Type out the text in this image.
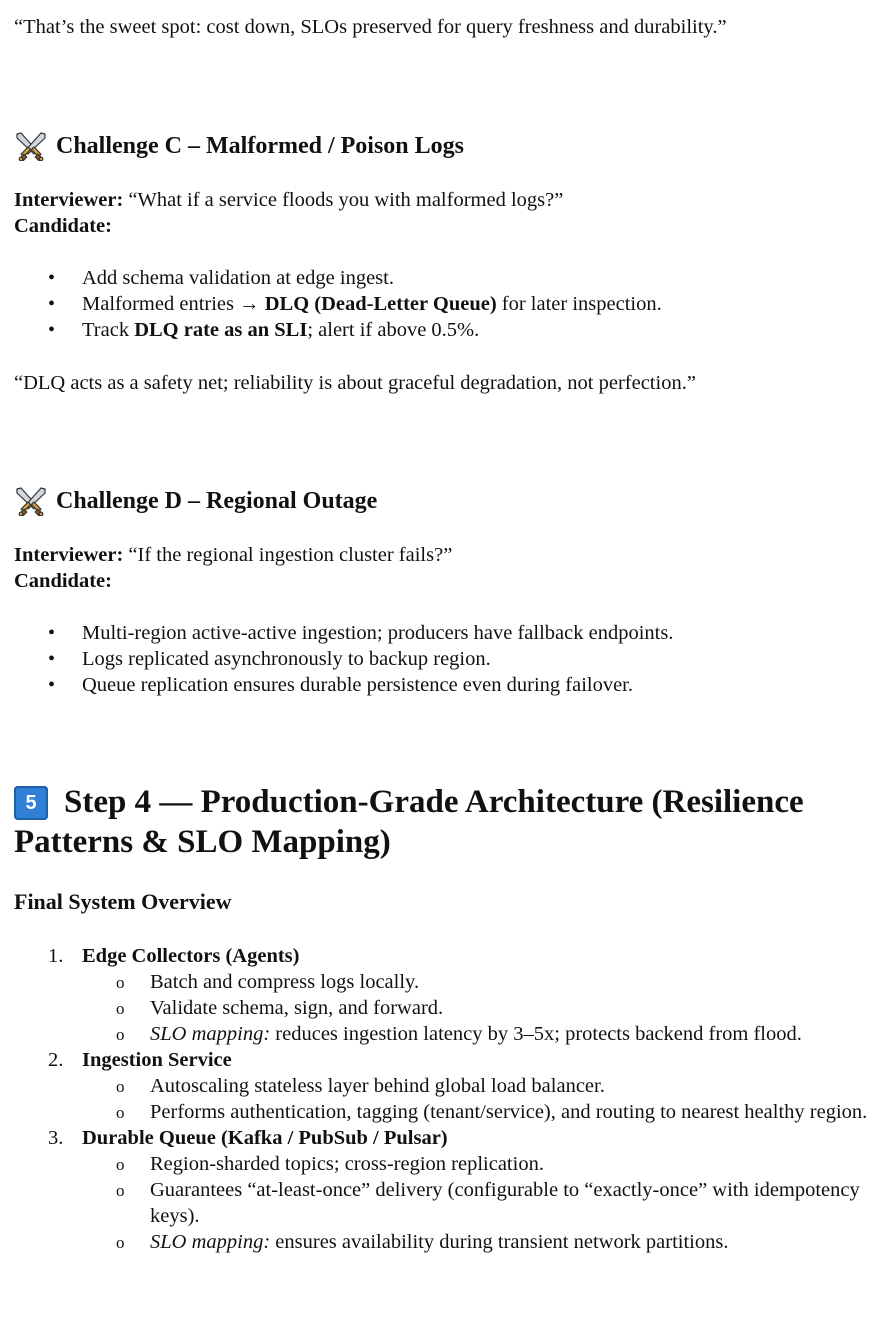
“That’s the sweet spot: cost down, SLOs preserved for query freshness and durability.”
Challenge C – Malformed / Poison Logs
Interviewer: “What if a service floods you with malformed logs?”
Candidate:
• Add schema validation at edge ingest.
• Malformed entries → DLQ (Dead-Letter Queue) for later inspection.
• Track DLQ rate as an SLI; alert if above 0.5%.
“DLQ acts as a safety net; reliability is about graceful degradation, not perfection.”
Challenge D – Regional Outage
Interviewer: “If the regional ingestion cluster fails?”
Candidate:
• Multi-region active-active ingestion; producers have fallback endpoints.
• Logs replicated asynchronously to backup region.
• Queue replication ensures durable persistence even during failover.
5 Step 4 — Production-Grade Architecture (Resilience
Patterns & SLO Mapping)
Final System Overview
1. Edge Collectors (Agents)
o Batch and compress logs locally.
o Validate schema, sign, and forward.
o SLO mapping: reduces ingestion latency by 3–5x; protects backend from flood.
2. Ingestion Service
o Autoscaling stateless layer behind global load balancer.
o Performs authentication, tagging (tenant/service), and routing to nearest healthy region.
3. Durable Queue (Kafka / PubSub / Pulsar)
o Region-sharded topics; cross-region replication.
o Guarantees “at-least-once” delivery (configurable to “exactly-once” with idempotency keys).
o SLO mapping: ensures availability during transient network partitions.
